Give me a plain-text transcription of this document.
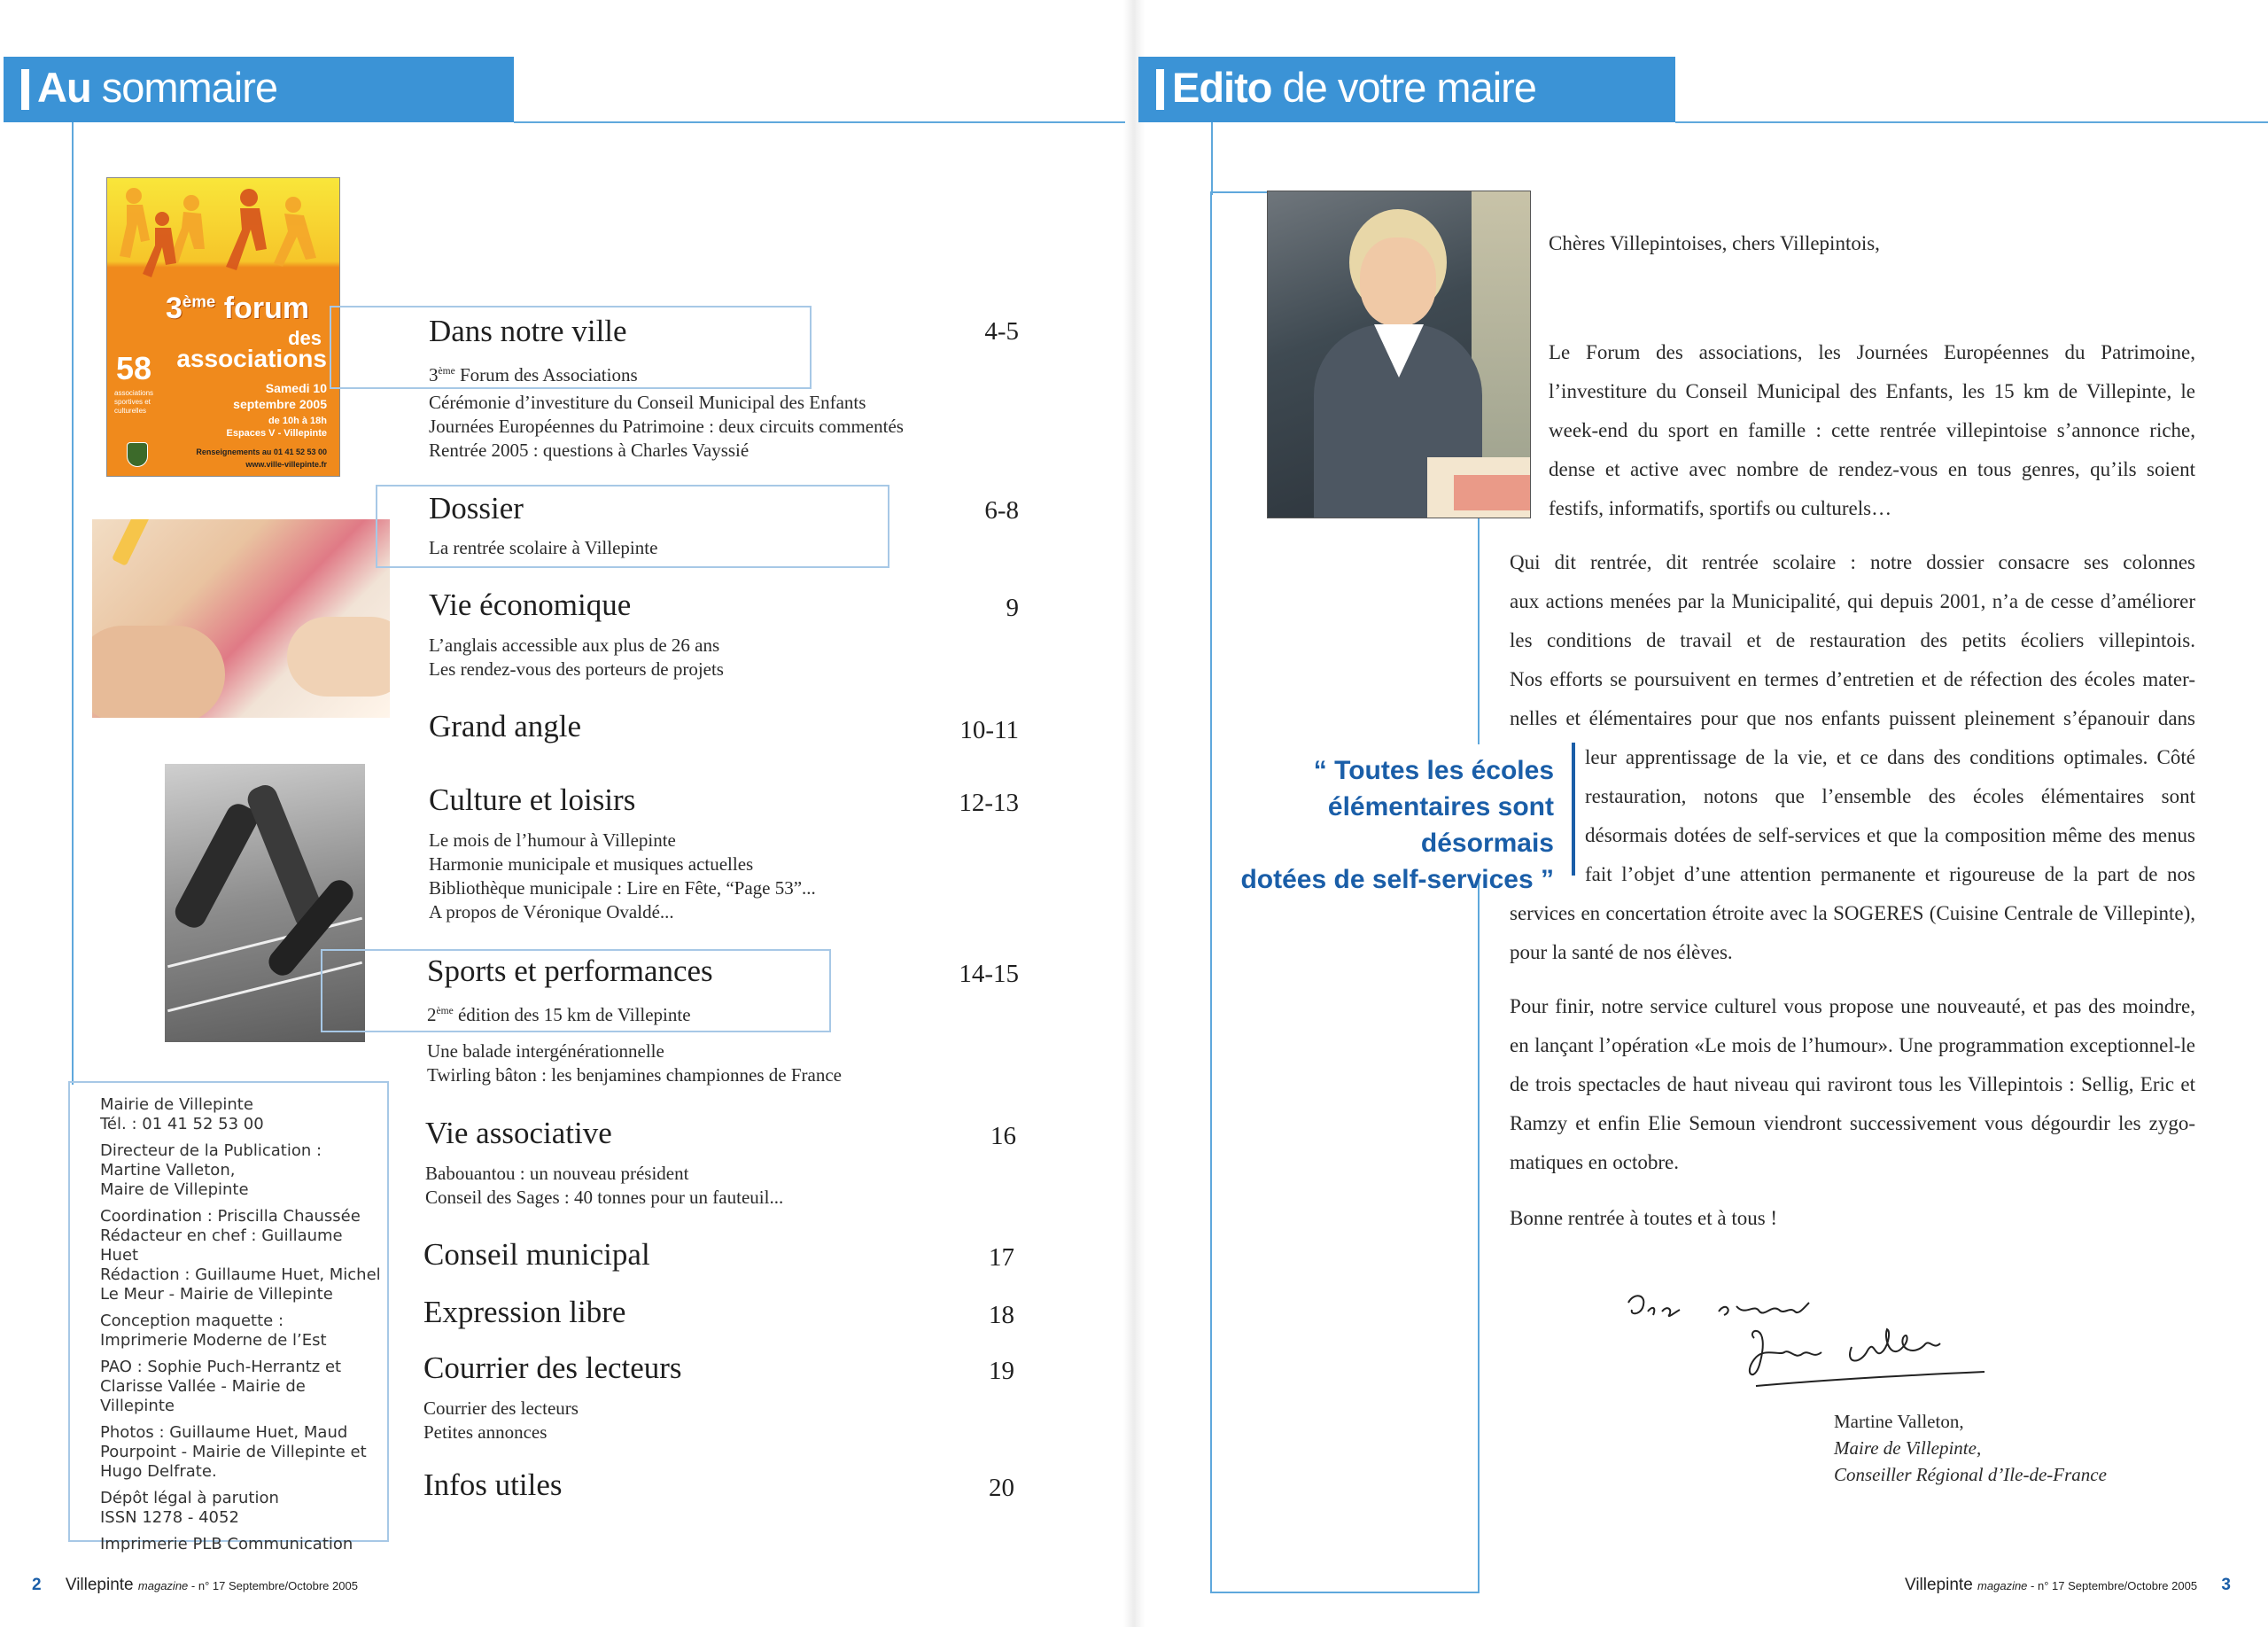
Au sommaire
3ème forum
des
associations
58
associations sportives et culturelles
Samedi 10 septembre 2005
de 10h à 18h
Espaces V - Villepinte
Renseignements au 01 41 52 53 00
www.ville-villepinte.fr
Dans notre ville	4-5
3ème Forum des Associations
Cérémonie d’investiture du Conseil Municipal des Enfants
Journées Européennes du Patrimoine : deux circuits commentés
Rentrée 2005 : questions à Charles Vayssié
Dossier	6-8
La rentrée scolaire à Villepinte
Vie économique	9
L’anglais accessible aux plus de 26 ans
Les rendez-vous des porteurs de projets
Grand angle	10-11
Culture et loisirs	12-13
Le mois de l’humour à Villepinte
Harmonie municipale et musiques actuelles
Bibliothèque municipale : Lire en Fête, “Page 53”...
A propos de Véronique Ovaldé...
Sports et performances	14-15
2ème édition des 15 km de Villepinte
Une balade intergénérationnelle
Twirling bâton : les benjamines championnes de France
Vie associative	16
Babouantou : un nouveau président
Conseil des Sages : 40 tonnes pour un fauteuil...
Conseil municipal	17
Expression libre	18
Courrier des lecteurs	19
Courrier des lecteurs
Petites annonces
Infos utiles	20

Mairie de Villepinte
Tél. : 01 41 52 53 00

Directeur de la Publication :
Martine Valleton,
Maire de Villepinte

Coordination : Priscilla Chaussée
Rédacteur en chef : Guillaume Huet
Rédaction : Guillaume Huet, Michel
Le Meur - Mairie de Villepinte

Conception maquette :
Imprimerie Moderne de l’Est

PAO : Sophie Puch-Herrantz et
Clarisse Vallée - Mairie de Villepinte

Photos : Guillaume Huet, Maud
Pourpoint - Mairie de Villepinte et
Hugo Delfrate.

Dépôt légal à parution
ISSN 1278 - 4052

Imprimerie PLB Communication

2 Villepinte magazine - n° 17 Septembre/Octobre 2005
Edito de votre maire
Chères Villepintoises, chers Villepintois,
Le Forum des associations, les Journées Européennes du Patrimoine, l’investiture du Conseil Municipal des Enfants, les 15 km de Villepinte, le week-end du sport en famille : cette rentrée villepintoise s’annonce riche, dense et active avec nombre de rendez-vous en tous genres, qu’ils soient festifs, informatifs, sportifs ou culturels…
Qui dit rentrée, dit rentrée scolaire : notre dossier consacre ses colonnes
aux actions menées par la Municipalité, qui depuis 2001, n’a de cesse d’améliorer
les conditions de travail et de restauration des petits écoliers villepintois.
Nos efforts se poursuivent en termes d’entretien et de réfection des écoles mater-
nelles et élémentaires pour que nos enfants puissent pleinement s’épanouir dans
leur apprentissage de la vie, et ce dans des conditions optimales. Côté
restauration, notons que l’ensemble des écoles élémentaires sont
désormais dotées de self-services et que la composition même des menus
fait l’objet d’une attention permanente et rigoureuse de la part de nos
services en concertation étroite avec la SOGERES (Cuisine Centrale de Villepinte), pour la santé de nos élèves.
“ Toutes les écoles
élémentaires sont désormais
dotées de self-services ”
Pour finir, notre service culturel vous propose une nouveauté, et pas des moindre, en lançant l’opération «Le mois de l’humour». Une programmation exceptionnel-le de trois spectacles de haut niveau qui raviront tous les Villepintois : Sellig, Eric et Ramzy et enfin Elie Semoun viendront successivement vous dégourdir les zygo-matiques en octobre.
Bonne rentrée à toutes et à tous !
Martine Valleton,
Maire de Villepinte,
Conseiller Régional d’Ile-de-France
Villepinte magazine - n° 17 Septembre/Octobre 2005 3
